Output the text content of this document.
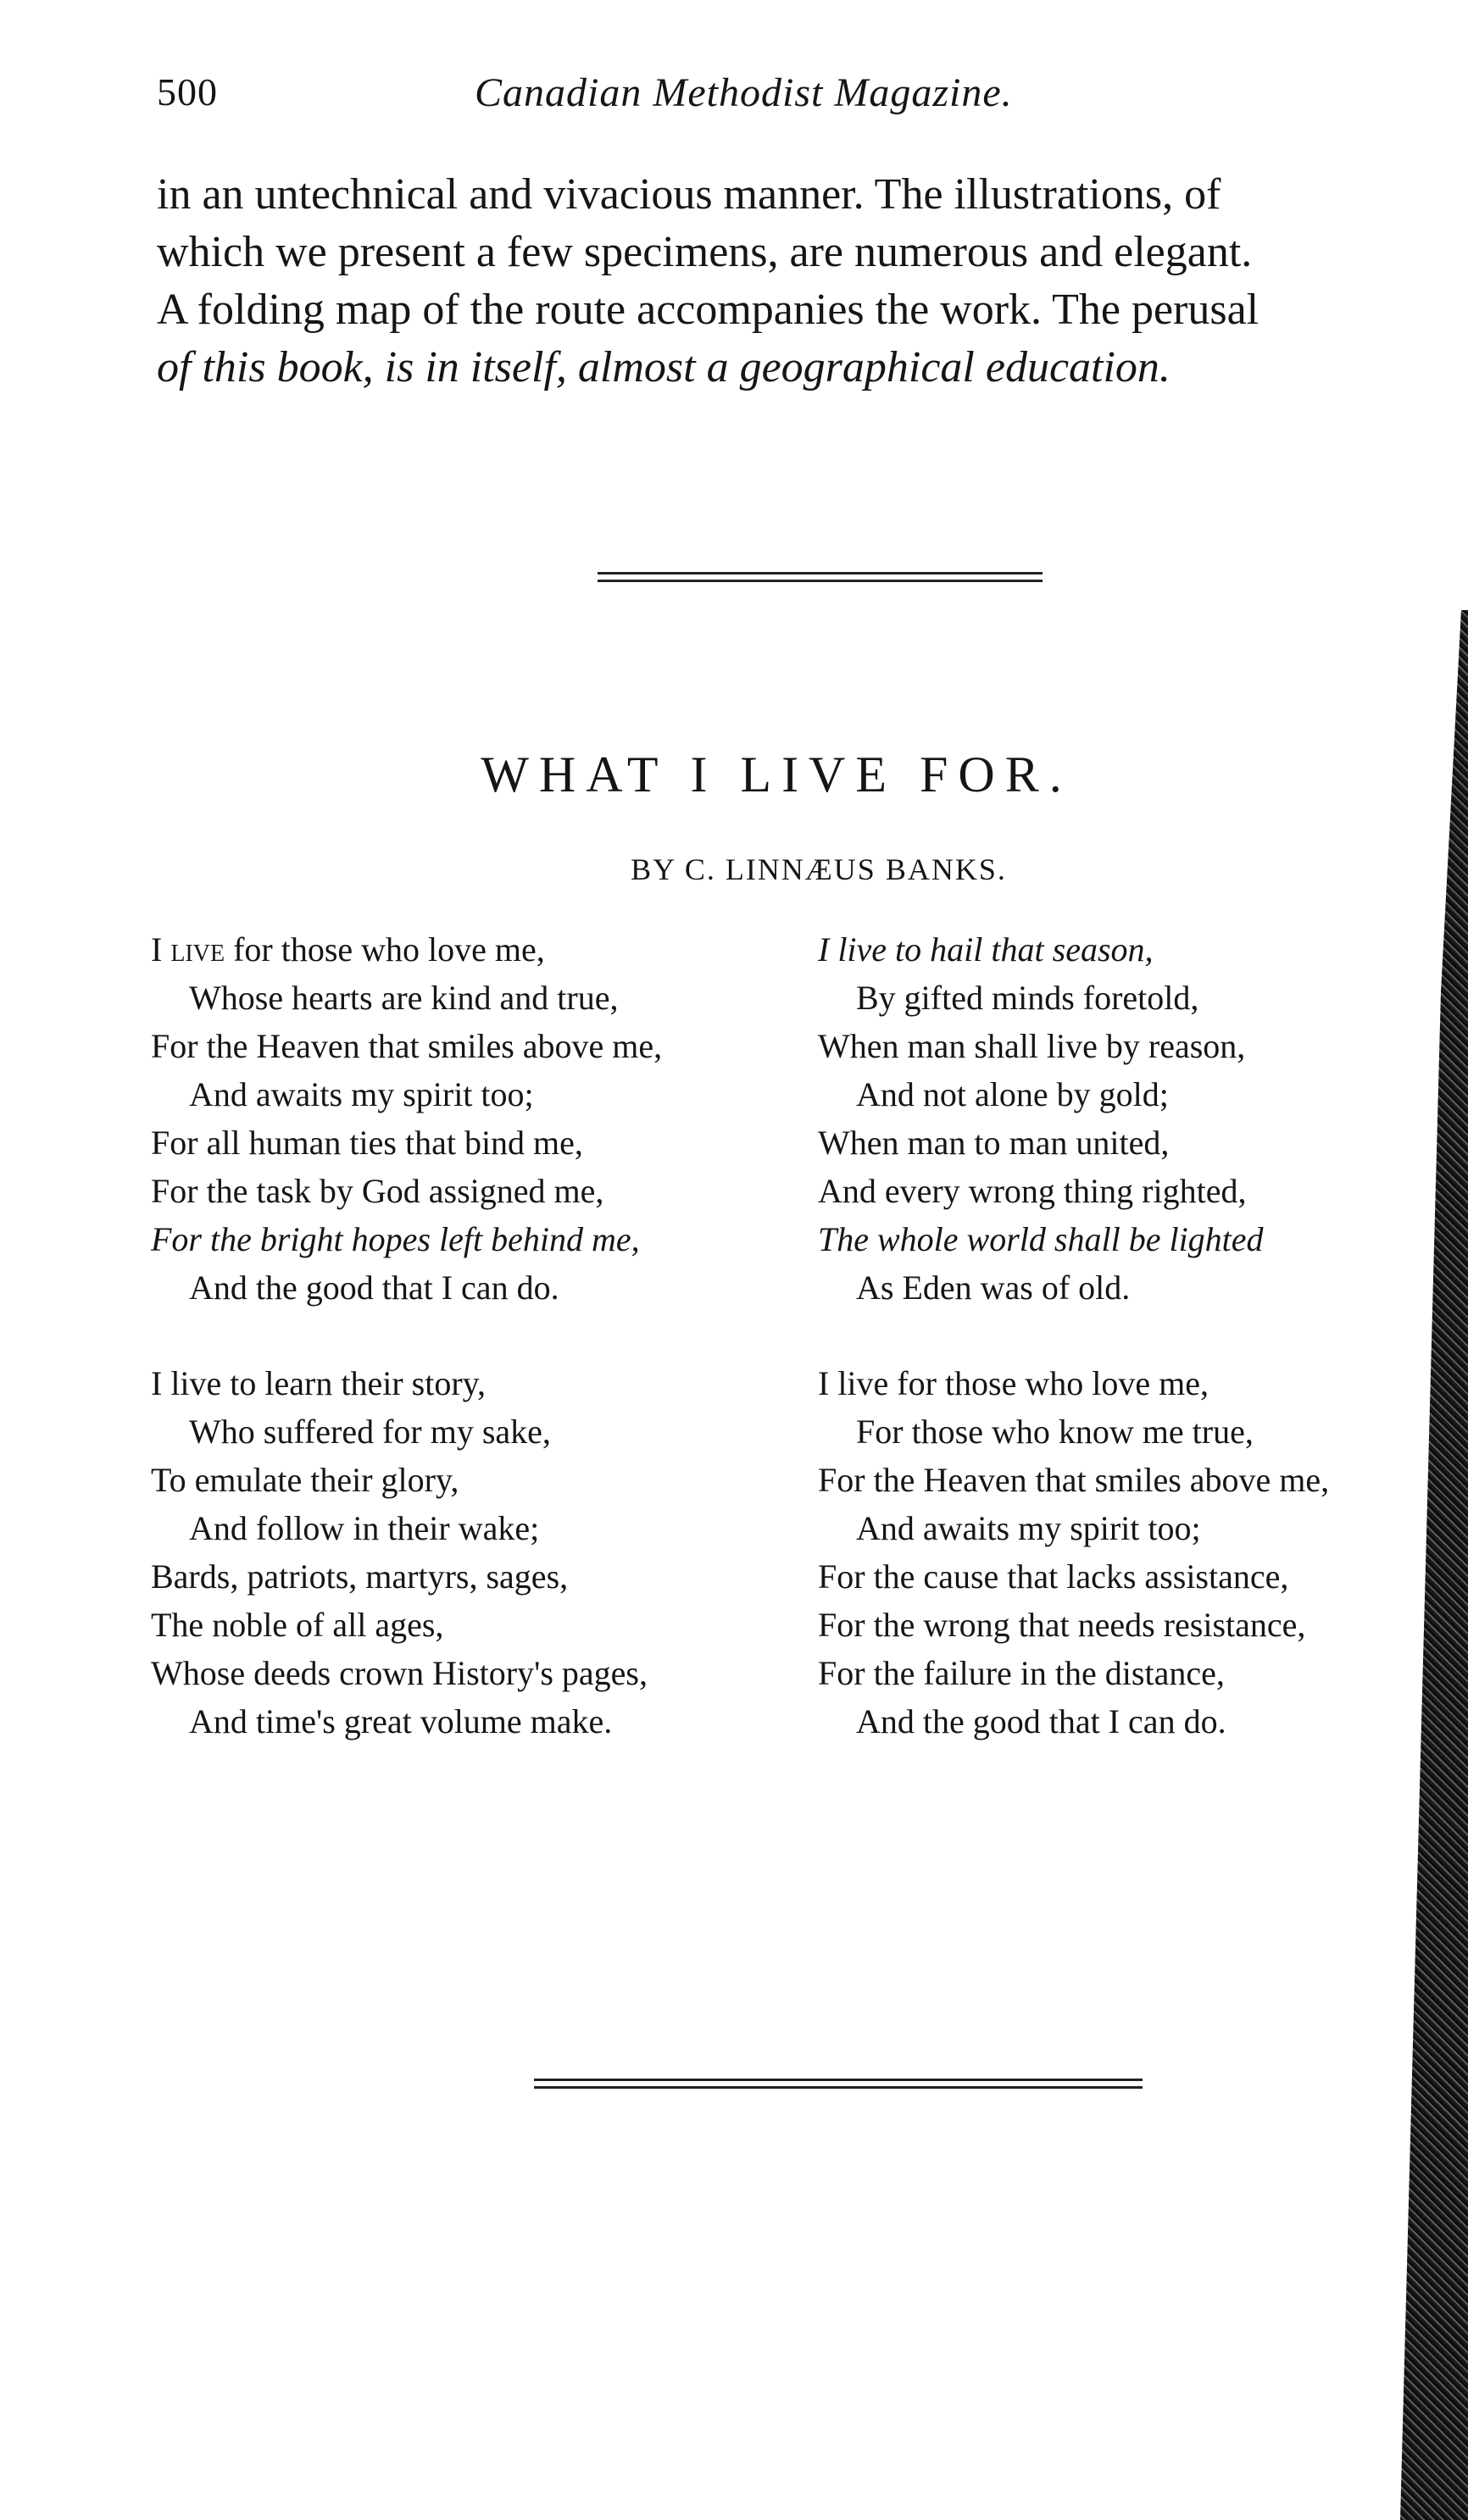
500	Canadian Methodist Magazine.
in an untechnical and vivacious manner. The illustrations, of
which we present a few specimens, are numerous and elegant.
A folding map of the route accompanies the work. The perusal
of this book, is in itself, almost a geographical education.
WHAT I LIVE FOR.
BY C. LINNÆUS BANKS.
I live for those who love me,
Whose hearts are kind and true,
For the Heaven that smiles above me,
And awaits my spirit too;
For all human ties that bind me,
For the task by God assigned me,
For the bright hopes left behind me,
And the good that I can do.
I live to hail that season,
By gifted minds foretold,
When man shall live by reason,
And not alone by gold;
When man to man united,
And every wrong thing righted,
The whole world shall be lighted
As Eden was of old.
I live to learn their story,
Who suffered for my sake,
To emulate their glory,
And follow in their wake;
Bards, patriots, martyrs, sages,
The noble of all ages,
Whose deeds crown History's pages,
And time's great volume make.
I live for those who love me,
For those who know me true,
For the Heaven that smiles above me,
And awaits my spirit too;
For the cause that lacks assistance,
For the wrong that needs resistance,
For the failure in the distance,
And the good that I can do.
